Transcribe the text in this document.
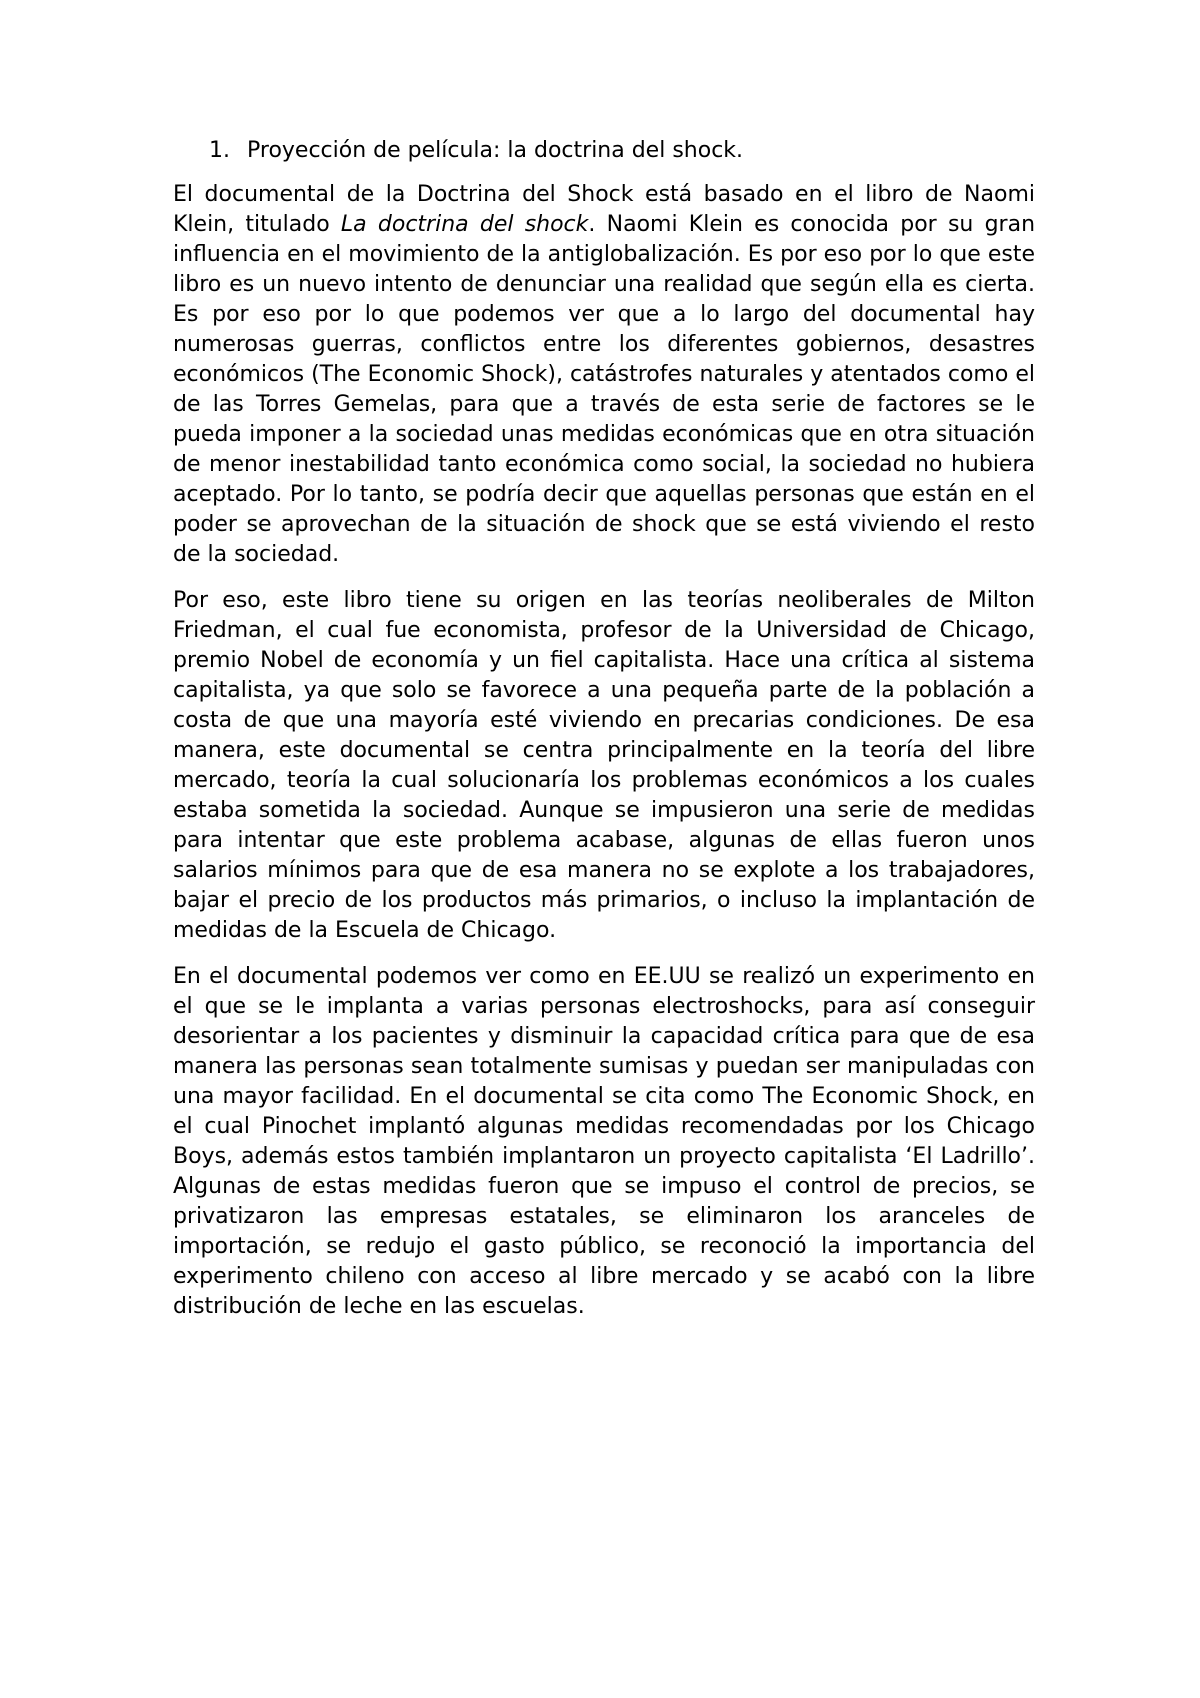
1. Proyección de película: la doctrina del shock.

El documental de la Doctrina del Shock está basado en el libro de Naomi Klein, titulado La doctrina del shock. Naomi Klein es conocida por su gran influencia en el movimiento de la antiglobalización. Es por eso por lo que este libro es un nuevo intento de denunciar una realidad que según ella es cierta. Es por eso por lo que podemos ver que a lo largo del documental hay numerosas guerras, conflictos entre los diferentes gobiernos, desastres económicos (The Economic Shock), catástrofes naturales y atentados como el de las Torres Gemelas, para que a través de esta serie de factores se le pueda imponer a la sociedad unas medidas económicas que en otra situación de menor inestabilidad tanto económica como social, la sociedad no hubiera aceptado. Por lo tanto, se podría decir que aquellas personas que están en el poder se aprovechan de la situación de shock que se está viviendo el resto de la sociedad.

Por eso, este libro tiene su origen en las teorías neoliberales de Milton Friedman, el cual fue economista, profesor de la Universidad de Chicago, premio Nobel de economía y un fiel capitalista. Hace una crítica al sistema capitalista, ya que solo se favorece a una pequeña parte de la población a costa de que una mayoría esté viviendo en precarias condiciones. De esa manera, este documental se centra principalmente en la teoría del libre mercado, teoría la cual solucionaría los problemas económicos a los cuales estaba sometida la sociedad. Aunque se impusieron una serie de medidas para intentar que este problema acabase, algunas de ellas fueron unos salarios mínimos para que de esa manera no se explote a los trabajadores, bajar el precio de los productos más primarios, o incluso la implantación de medidas de la Escuela de Chicago.

En el documental podemos ver como en EE.UU se realizó un experimento en el que se le implanta a varias personas electroshocks, para así conseguir desorientar a los pacientes y disminuir la capacidad crítica para que de esa manera las personas sean totalmente sumisas y puedan ser manipuladas con una mayor facilidad. En el documental se cita como The Economic Shock, en el cual Pinochet implantó algunas medidas recomendadas por los Chicago Boys, además estos también implantaron un proyecto capitalista ‘El Ladrillo’. Algunas de estas medidas fueron que se impuso el control de precios, se privatizaron las empresas estatales, se eliminaron los aranceles de importación, se redujo el gasto público, se reconoció la importancia del experimento chileno con acceso al libre mercado y se acabó con la libre distribución de leche en las escuelas.
